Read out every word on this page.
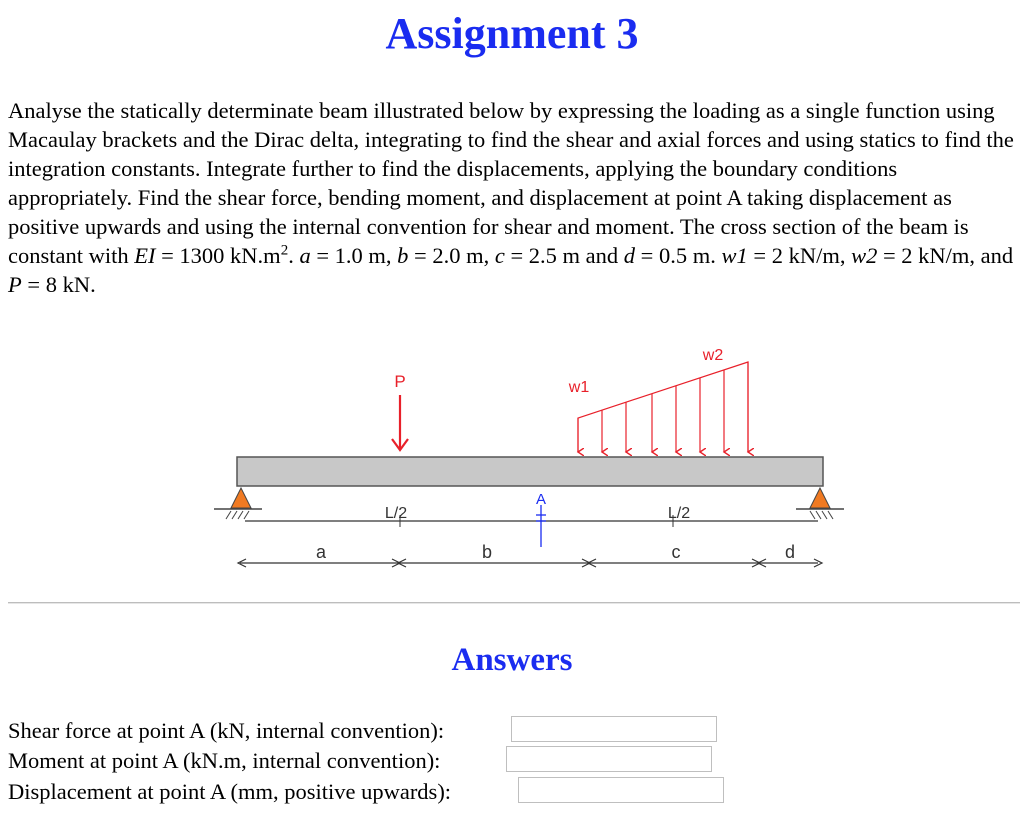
Assignment 3

Analyse the statically determinate beam illustrated below by expressing the loading as a single function using Macaulay brackets and the Dirac delta, integrating to find the shear and axial forces and using statics to find the integration constants. Integrate further to find the displacements, applying the boundary conditions appropriately. Find the shear force, bending moment, and displacement at point A taking displacement as positive upwards and using the internal convention for shear and moment. The cross section of the beam is constant with EI = 1300 $kN.m^2$. a = 1.0 m, b = 2.0 m, c = 2.5 m and d = 0.5 m. w1 = 2 kN/m, w2 = 2 kN/m, and P = 8 kN.

P	w1
w2
L/2	L/2
A
a	b	c	d
Answers
Shear force at point A (kN, internal convention):
Moment at point A (kN.m, internal convention):
Displacement at point A (mm, positive upwards):
